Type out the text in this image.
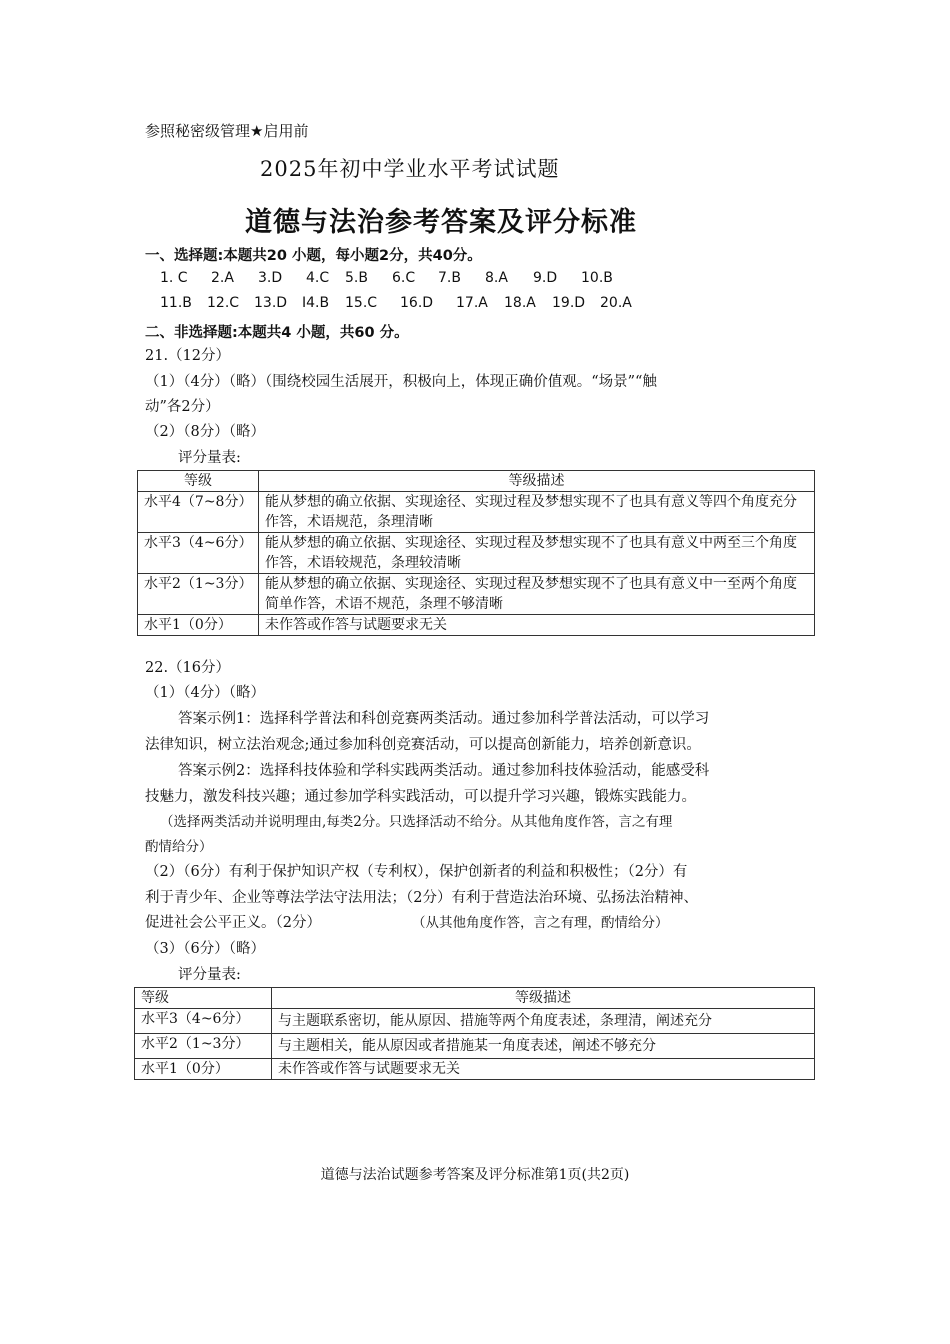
参照秘密级管理★启用前
2025年初中学业水平考试试题
道德与法治参考答案及评分标准
一、选择题:本题共20 小题，每小题2分，共40分。
1. C 2.A 3.D 4.C 5.B 6.C 7.B 8.A 9.D 10.B
11.B 12.C 13.D I4.B 15.C 16.D 17.A 18.A 19.D 20.A
二、非选择题:本题共4 小题，共60 分。
21.（12分）
（1）（4分）（略）（围绕校园生活展开，积极向上，体现正确价值观。“场景”“触
动”各2分）
（2）（8分）（略）
评分量表:
等级	等级描述
水平4（7~8分）	能从梦想的确立依据、实现途径、实现过程及梦想实现不了也具有意义等四个角度充分作答，术语规范，条理清晰
水平3（4~6分）	能从梦想的确立依据、实现途径、实现过程及梦想实现不了也具有意义中两至三个角度作答，术语较规范，条理较清晰
水平2（1~3分）	能从梦想的确立依据、实现途径、实现过程及梦想实现不了也具有意义中一至两个角度简单作答，术语不规范，条理不够清晰
水平1（0分）	未作答或作答与试题要求无关
22.（16分）
（1）（4分）（略）
答案示例1：选择科学普法和科创竞赛两类活动。通过参加科学普法活动，可以学习
法律知识，树立法治观念;通过参加科创竞赛活动，可以提高创新能力，培养创新意识。
答案示例2：选择科技体验和学科实践两类活动。通过参加科技体验活动，能感受科
技魅力，激发科技兴趣；通过参加学科实践活动，可以提升学习兴趣，锻炼实践能力。
（选择两类活动并说明理由,每类2分。只选择活动不给分。从其他角度作答，言之有理
酌情给分）
（2）（6分）有利于保护知识产权（专利权），保护创新者的利益和积极性；（2分）有
利于青少年、企业等尊法学法守法用法；（2分）有利于营造法治环境、弘扬法治精神、
促进社会公平正义。（2分）	（从其他角度作答，言之有理，酌情给分）
（3）（6分）（略）
评分量表:
等级	等级描述
水平3（4~6分）	与主题联系密切，能从原因、措施等两个角度表述，条理清，阐述充分
水平2（1~3分）	与主题相关，能从原因或者措施某一角度表述，阐述不够充分
水平1（0分）	未作答或作答与试题要求无关
道德与法治试题参考答案及评分标准第1页(共2页)
